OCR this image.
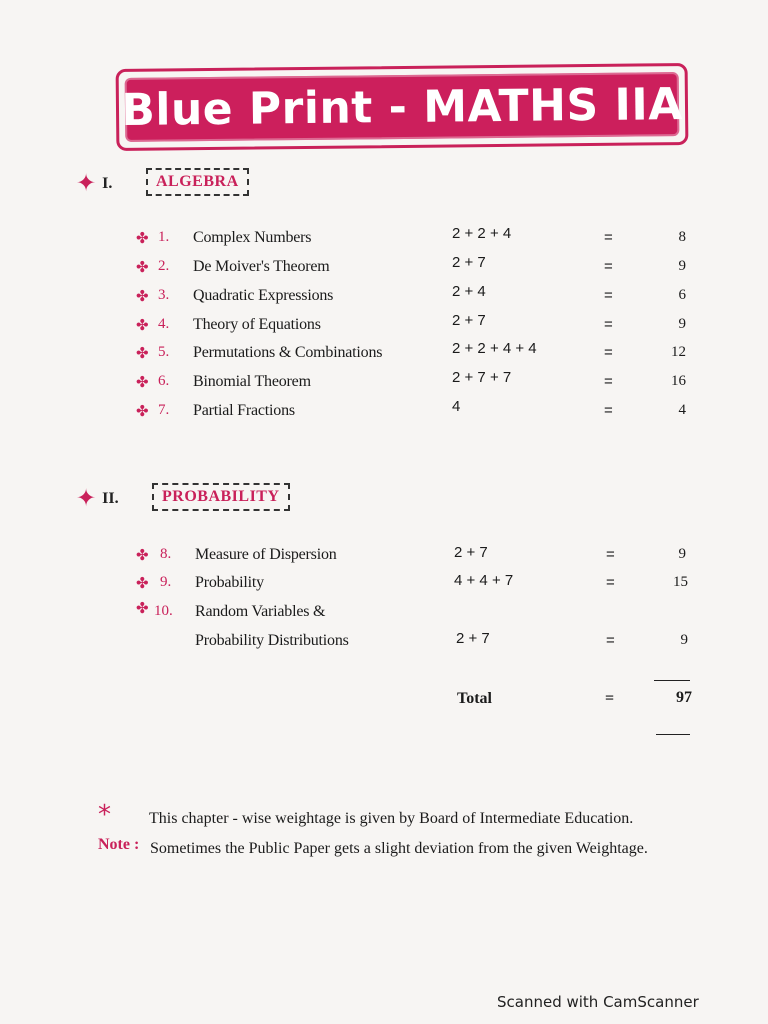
Blue Print - MATHS IIA
✦ I.	ALGEBRA
✦ II.	PROBABILITY
✤ 1. Complex Numbers	2 + 2 + 4	=	8
✤ 2. De Moiver's Theorem	2 + 7	=	9
✤ 3. Quadratic Expressions	2 + 4	=	6
✤ 4. Theory of Equations	2 + 7	=	9
✤ 5. Permutations & Combinations	2 + 2 + 4 + 4	=	12
✤ 6. Binomial Theorem	2 + 7 + 7	=	16
✤ 7. Partial Fractions	4	=	4
✤ 8. Measure of Dispersion	2 + 7	=	9
✤ 9. Probability	4 + 4 + 7	=	15
✤ 10. Random Variables &
Probability Distributions	2 + 7	=	9
Total	=	97
* This chapter - wise weightage is given by Board of Intermediate Education.
Note : Sometimes the Public Paper gets a slight deviation from the given Weightage.
Scanned with CamScanner
